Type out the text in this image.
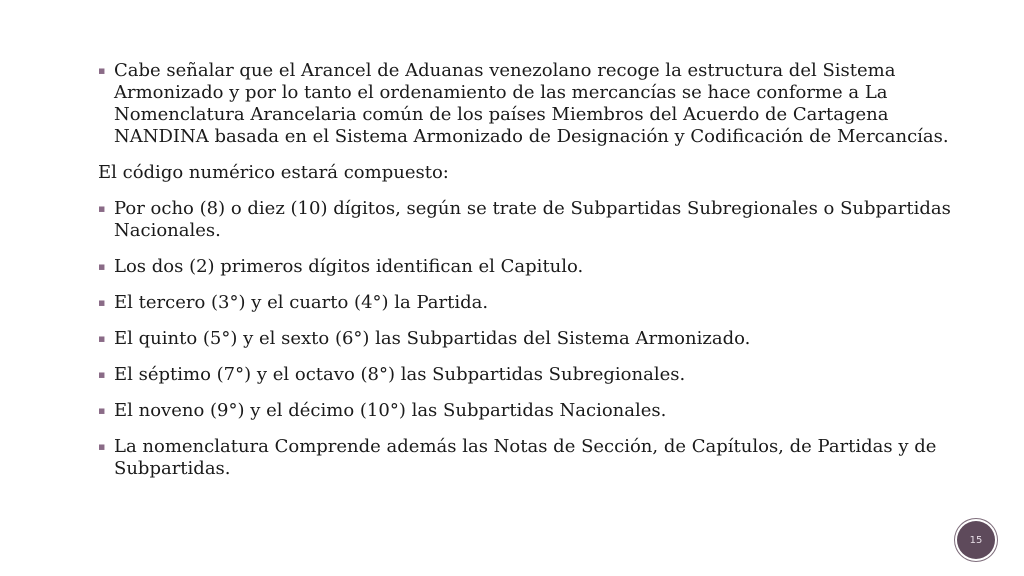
▪ Cabe señalar que el Arancel de Aduanas venezolano recoge la estructura del Sistema Armonizado y por lo tanto el ordenamiento de las mercancías se hace conforme a La Nomenclatura Arancelaria común de los países Miembros del Acuerdo de Cartagena NANDINA basada en el Sistema Armonizado de Designación y Codificación de Mercancías.
El código numérico estará compuesto:
▪ Por ocho (8) o diez (10) dígitos, según se trate de Subpartidas Subregionales o Subpartidas Nacionales.
▪ Los dos (2) primeros dígitos identifican el Capitulo.
▪ El tercero (3°) y el cuarto (4°) la Partida.
▪ El quinto (5°) y el sexto (6°) las Subpartidas del Sistema Armonizado.
▪ El séptimo (7°) y el octavo (8°) las Subpartidas Subregionales.
▪ El noveno (9°) y el décimo (10°) las Subpartidas Nacionales.
▪ La nomenclatura Comprende además las Notas de Sección, de Capítulos, de Partidas y de Subpartidas.
15
